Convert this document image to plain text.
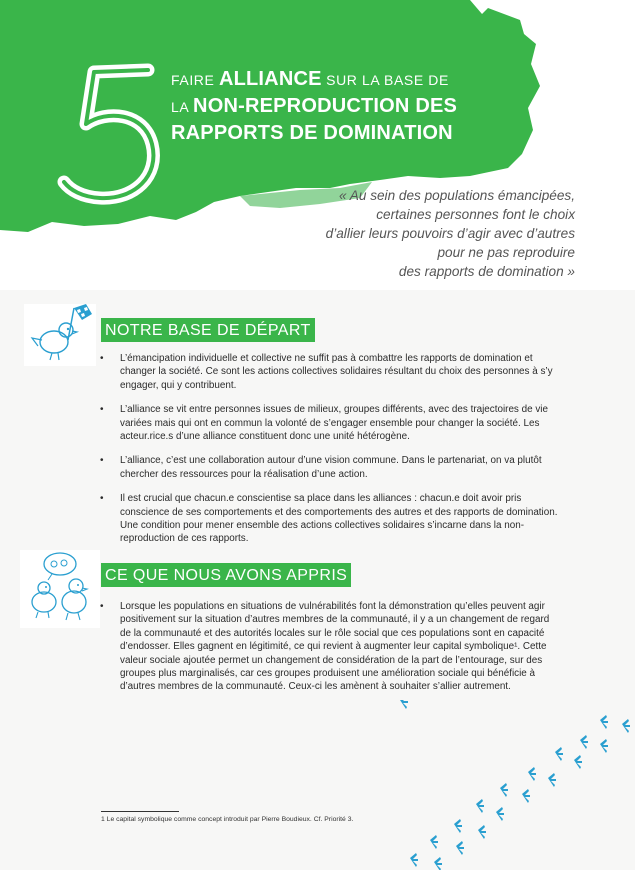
5
FAIRE ALLIANCE SUR LA BASE DE
LA NON-REPRODUCTION DES
RAPPORTS DE DOMINATION
« Au sein des populations émancipées,
certaines personnes font le choix
d’allier leurs pouvoirs d’agir avec d’autres
pour ne pas reproduire
des rapports de domination »
NOTRE BASE DE DÉPART
• L’émancipation individuelle et collective ne suffit pas à combattre les rapports de domination et changer la société. Ce sont les actions collectives solidaires résultant du choix des personnes à s’y engager, qui y contribuent.
• L’alliance se vit entre personnes issues de milieux, groupes différents, avec des trajectoires de vie variées mais qui ont en commun la volonté de s’engager ensemble pour changer la société. Les acteur.rice.s d’une alliance constituent donc une unité hétérogène.
• L’alliance, c’est une collaboration autour d’une vision commune. Dans le partenariat, on va plutôt chercher des ressources pour la réalisation d’une action.
• Il est crucial que chacun.e conscientise sa place dans les alliances : chacun.e doit avoir pris conscience de ses comportements et des comportements des autres et des rapports de domination. Une condition pour mener ensemble des actions collectives solidaires s’incarne dans la non-reproduction de ces rapports.
CE QUE NOUS AVONS APPRIS
• Lorsque les populations en situations de vulnérabilités font la démonstration qu’elles peuvent agir positivement sur la situation d’autres membres de la communauté, il y a un changement de regard de la communauté et des autorités locales sur le rôle social que ces populations sont en capacité d’endosser. Elles gagnent en légitimité, ce qui revient à augmenter leur capital symbolique¹. Cette valeur sociale ajoutée permet un changement de considération de la part de l’entourage, sur des groupes plus marginalisés, car ces groupes produisent une amélioration sociale qui bénéficie à d’autres membres de la communauté. Ceux-ci les amènent à souhaiter s’allier autrement.
1 Le capital symbolique comme concept introduit par Pierre Boudieux. Cf. Priorité 3.
